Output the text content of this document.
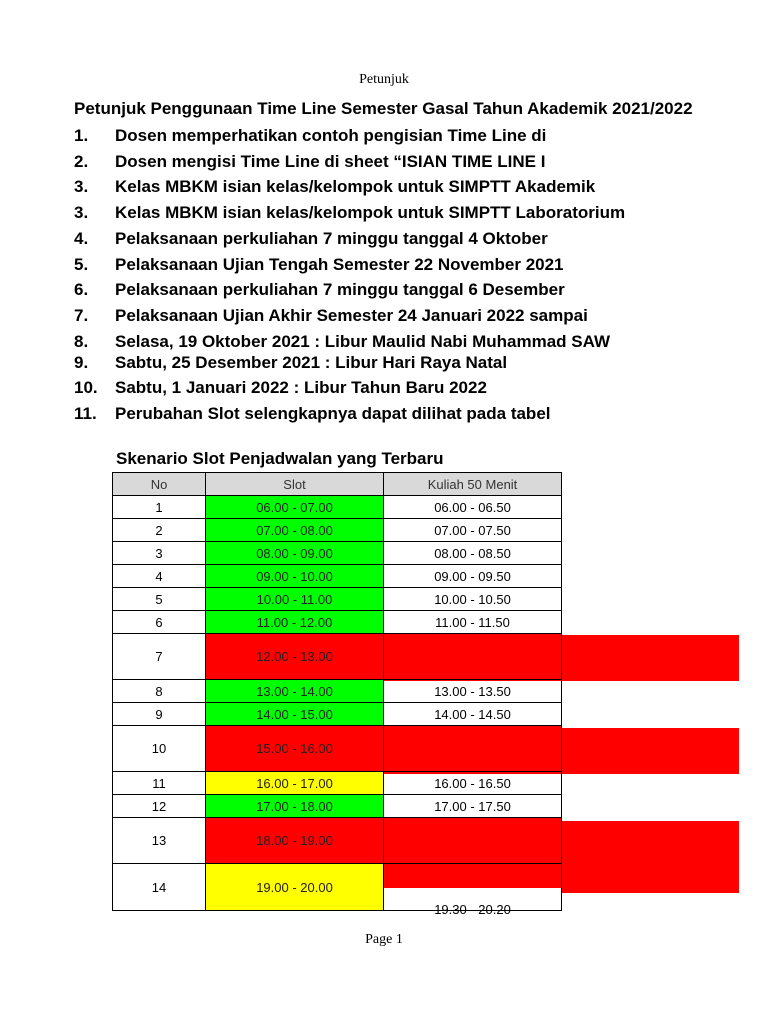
Petunjuk
Petunjuk Penggunaan Time Line Semester Gasal Tahun Akademik 2021/2022
1. Dosen memperhatikan contoh pengisian Time Line di
2. Dosen mengisi Time Line di sheet “ISIAN TIME LINE I
3. Kelas MBKM isian kelas/kelompok untuk SIMPTT Akademik
3. Kelas MBKM isian kelas/kelompok untuk SIMPTT Laboratorium
4. Pelaksanaan perkuliahan 7 minggu tanggal 4 Oktober
5. Pelaksanaan Ujian Tengah Semester 22 November 2021
6. Pelaksanaan perkuliahan 7 minggu tanggal 6 Desember
7. Pelaksanaan Ujian Akhir Semester 24 Januari 2022 sampai
8. Selasa, 19 Oktober 2021 : Libur Maulid Nabi Muhammad SAW
9. Sabtu, 25 Desember 2021 : Libur Hari Raya Natal
10. Sabtu, 1 Januari 2022 : Libur Tahun Baru 2022
11. Perubahan Slot selengkapnya dapat dilihat pada tabel
Skenario Slot Penjadwalan yang Terbaru
No	Slot	Kuliah 50 Menit
1	06.00 - 07.00	06.00 - 06.50
2	07.00 - 08.00	07.00 - 07.50
3	08.00 - 09.00	08.00 - 08.50
4	09.00 - 10.00	09.00 - 09.50
5	10.00 - 11.00	10.00 - 10.50
6	11.00 - 12.00	11.00 - 11.50
7	12.00 - 13.00	
8	13.00 - 14.00	13.00 - 13.50
9	14.00 - 15.00	14.00 - 14.50
10	15.00 - 16.00	
11	16.00 - 17.00	16.00 - 16.50
12	17.00 - 18.00	17.00 - 17.50
13	18.00 - 19.00	
14	19.00 - 20.00	19.30 - 20.20
Page 1
